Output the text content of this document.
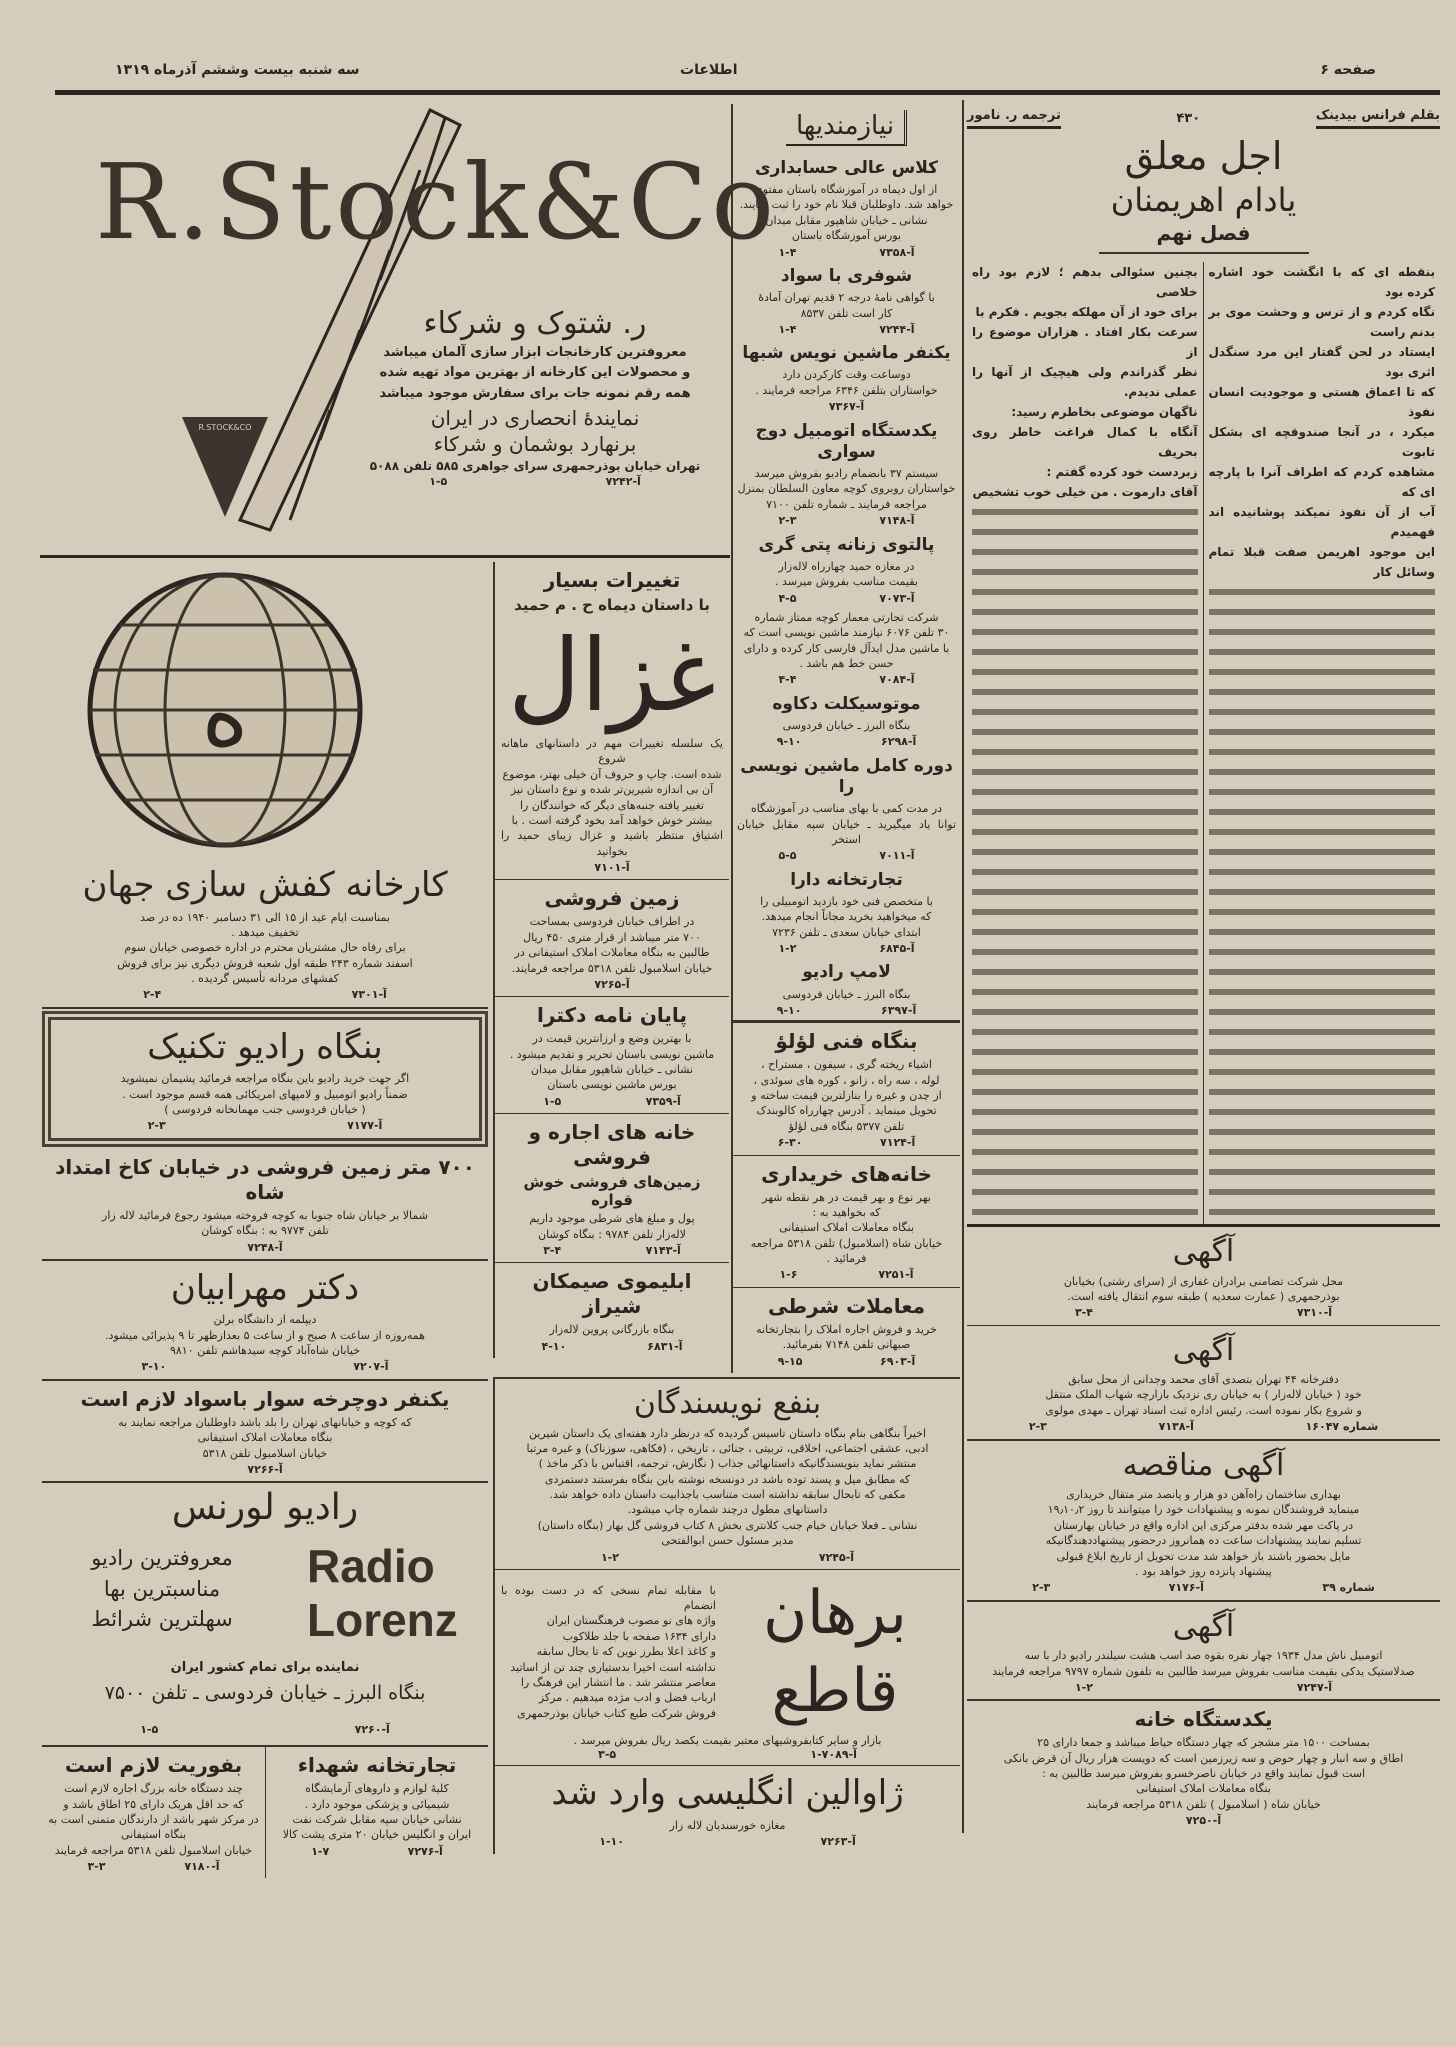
صفحه ۶
اطلاعات
سه شنبه بیست وششم آذرماه ۱۳۱۹
R.Stock&Co
R.STOCK&CO
ر. شتوک و شرکاء
معروفترین کارخانجات ابزار سازی آلمان میباشد
و محصولات این کارخانه از بهترین مواد تهیه شده
همه رقم نمونه جات برای سفارش موجود میباشد
نمایندهٔ انحصاری در ایران
برنهارد بوشمان و شرکاء
تهران خیابان بوذرجمهری سرای جواهری ۵۸۵ تلفن ۵۰۸۸
آ-۷۲۴۲
۱-۵
ه
کارخانه کفش سازی جهان
بمناسبت ایام عید از ۱۵ الی ۳۱ دسامبر ۱۹۴۰ ده در صد
تخفیف میدهد .
برای رفاه حال مشتریان محترم در اداره خصوصی خیابان سوم
اسفند شماره ۲۴۳ طبقه اول شعبه فروش دیگری نیز برای فروش
کفشهای مردانه تأسیس گردیده .
آ-۷۳۰۱
۲-۴
بنگاه رادیو تکنیک
اگر جهت خرید رادیو باین بنگاه مراجعه فرمائید پشیمان نمیشوید
ضمناً رادیو اتومبیل و لامپهای امریکائی همه قسم موجود است .
( خیابان فردوسی جنب مهمانخانه فردوسی )
آ-۷۱۷۷
۲-۳
۷۰۰ متر زمین فروشی در خیابان کاخ امتداد شاه
شمالا بر خیابان شاه جنوبا به کوچه فروخته میشود رجوع فرمائید لاله زار
تلفن ۹۷۷۴ به : بنگاه کوشان
آ-۷۲۴۸
دکتر مهرابیان
دیپلمه از دانشگاه برلن
همه‌روزه از ساعت ۸ صبح و از ساعت ۵ بعدازظهر تا ۹ پذیرائی میشود.
خیابان شاه‌آباد کوچه سیدهاشم تلفن ۹۸۱۰
آ-۷۲۰۷
۳-۱۰
یکنفر دوچرخه سوار باسواد لازم است
که کوچه و خیابانهای تهران را بلد باشد داوطلبان مراجعه نمایند به
بنگاه معاملات املاک استیفانی
خیابان اسلامبول تلفن ۵۳۱۸
آ-۷۲۶۶
رادیو لورنس
Radio
Lorenz
معروفترین رادیو
مناسبترین بها
سهلترین شرائط
نماینده برای تمام کشور ایران
بنگاه البرز ـ خیابان فردوسی ـ تلفن ۷۵۰۰
آ-۷۲۶۰
۱-۵
تجارتخانه شهداء
کلیهٔ لوازم و داروهای آزمایشگاه
شیمیائی و پزشکی موجود دارد .
نشانی خیابان سپه مقابل شرکت نفت
ایران و انگلیس خیابان ۲۰ متری پشت کالا
آ-۷۲۷۶
۱-۷
بفوریت لازم است
چند دستگاه خانه بزرگ اجاره لازم است
که حد اقل هریک دارای ۲۵ اطاق باشد و
در مرکز شهر باشد از دارندگان متمنی است به
بنگاه استیفانی
خیابان اسلامبول تلفن ۵۳۱۸ مراجعه فرمایند
آ-۷۱۸۰
۳-۳
تغییرات بسیار
با داستان دیماه ح . م حمید
غزال
یک سلسله تغییرات مهم در داستانهای ماهانه شروع
شده است. چاپ و حروف آن خیلی بهتر، موضوع
آن بی اندازه شیرین‌تر شده و نوع داستان نیز
تغییر یافته جنبه‌های دیگر که خوانندگان را
بیشتر خوش خواهد آمد بخود گرفته است . با
اشتیاق منتظر باشید و غزال زیبای حمید را بخوانید
آ-۷۱۰۱
زمین فروشی
در اطراف خیابان فردوسی بمساحت
۷۰۰ متر میباشد از قرار متری ۴۵۰ ریال
طالبین به بنگاه معاملات املاک استیفانی در
خیابان اسلامبول تلفن ۵۳۱۸ مراجعه فرمایند.
آ-۷۲۶۵
پایان نامه دکترا
با بهترین وضع و ارزانترین قیمت در
ماشین نویسی باستان تحریر و تقدیم میشود .
نشانی ـ خیابان شاهپور مقابل میدان
بورس ماشین نویسی باستان
آ-۷۳۵۹
۱-۵
خانه های اجاره و فروشی
زمین‌های فروشی خوش قواره
پول و مبلغ های شرطی موجود داریم
لاله‌زار تلفن ۹۷۸۴ : بنگاه کوشان
آ-۷۱۴۳
۳-۴
ابلیموی صیمکان شیراز
بنگاه بازرگانی پروین لاله‌زار
آ-۶۸۳۱
۴-۱۰
نیازمندیها
کلاس عالی حسابداری
از اول دیماه در آموزشگاه باستان مفتوح
خواهد شد. داوطلبان قبلا نام خود را ثبت نمایند.
نشانی ـ خیابان شاهپور مقابل میدان
بورس آموزشگاه باستان
آ-۷۳۵۸
۱-۴
شوفری با سواد
با گواهی نامهٔ درجه ۲ قدیم تهران آمادهٔ
کار است تلفن ۸۵۳۷
آ-۷۲۴۴
۱-۴
یکنفر ماشین نویس شبها
دوساعت وقت کارکردن دارد
خواستاران بتلفن ۶۳۴۶ مراجعه فرمایند .
آ-۷۳۶۷
یکدستگاه اتومبیل دوج سواری
سیستم ۳۷ بانضمام رادیو بفروش میرسد
خواستاران روبروی کوچه معاون السلطان بمنزل
مراجعه فرمایند ـ شماره تلفن ۷۱۰۰
آ-۷۱۴۸
۲-۳
پالتوی زنانه پتی گری
در مغازه حمید چهارراه لاله‌زار
بقیمت مناسب بفروش میرسد .
آ-۷۰۷۳
۴-۵
شرکت تجارتی معمار کوچه ممتاز شماره
۳۰ تلفن ۶۰۷۶ نیازمند ماشین نویسی است که
با ماشین مدل ایدآل فارسی کار کرده و دارای
حسن خط هم باشد .
آ-۷۰۸۴
۴-۴
موتوسیکلت دکاوه
بنگاه البرز ـ خیابان فردوسی
آ-۶۲۹۸
۹-۱۰
دوره کامل ماشین نویسی را
در مدت کمی با بهای مناسب در آموزشگاه
توانا یاد میگیرید ـ خیابان سپه مقابل خیابان استخر
آ-۷۰۱۱
۵-۵
تجارتخانه دارا
با متخصص فنی خود بازدید اتومبیلی را
که میخواهید بخرید مجاناً انجام میدهد.
ابتدای خیابان سعدی ـ تلفن ۷۲۳۶
آ-۶۸۴۵
۱-۲
لامپ رادیو
بنگاه البرز ـ خیابان فردوسی
آ-۶۳۹۷
۹-۱۰
بنگاه فنی لؤلؤ
اشیاء ریخته گری ، سیفون ، مستراح ،
لوله ، سه راه ، زانو ، کوره های سوئدی ،
از چدن و غیره را بنازلترین قیمت ساخته و
تحویل مینماید . آدرس چهارراه کالوبندک
تلفن ۵۳۷۷ بنگاه فنی لؤلؤ
آ-۷۱۲۴
۶-۳۰
خانه‌های خریداری
بهر نوع و بهر قیمت در هر نقطه شهر
که بخواهید به :
بنگاه معاملات املاک استیفانی
خیابان شاه (اسلامبول) تلفن ۵۳۱۸ مراجعه
فرمائید .
آ-۷۲۵۱
۱-۶
معاملات شرطی
خرید و فروش اجاره املاک را بتجارتخانه
صبهانی تلفن ۷۱۴۸ بفرمائید.
آ-۶۹۰۳
۹-۱۵
بنفع نویسندگان
اخیراً بنگاهی بنام بنگاه داستان تاسیس گردیده که درنظر دارد هفته‌ای یک داستان شیرین
ادبی، عشقی اجتماعی، اخلاقی، تربیتی ، جنائی ، تاریخی ، (فکاهی، سوزناک) و غیره مرتبا
منتشر نماید بنویسندگانیکه داستانهائی جذاب ( نگارش، ترجمه، اقتباس با ذکر ماخذ )
که مطابق میل و پسند توده باشد در دونسخه نوشته باین بنگاه بفرستند دستمزدی
مکفی که تابحال سابقه نداشته است متناسب باجذابیت داستان داده خواهد شد.
داستانهای مطول درچند شماره چاپ میشود.
نشانی ـ فعلا خیابان خیام جنب کلانتری بخش ۸ کتاب فروشی گل بهار (بنگاه داستان)
مدیر مسئول حسن ابوالفتحی
آ-۷۲۴۵
۱-۲
با مقابله تمام نسخی که در دست بوده با انضمام
واژه های نو مصوب فرهنگستان ایران
دارای ۱۶۳۴ صفحه با جلد طلاکوب
و کاغذ اعلا بطرز نوین که تا بحال سابقه
نداشته است اخیرا بدستیاری چند تن از اساتید
معاصر منتشر شد . ما انتشار این فرهنگ را
ارباب فضل و ادب مژده میدهیم . مرکز
فروش شرکت طبع کتاب خیابان بوذرجمهری
برهان قاطع
بازار و سایر کتابفروشیهای معتبر بقیمت یکصد ریال بفروش میرسد .
آ-۷۰۸۹-۱
۳-۵
ژاوالین انگلیسی وارد شد
مغازه خورسندیان لاله زار
آ-۷۲۶۳
۱-۱۰
بقلم فرانس بیدینک
۴۳۰
ترجمه ر. نامور
اجل معلق
یادام اهریمنان
فصل نهم
بنقطه ای که با انگشت خود اشاره کرده بود
نگاه کردم و از ترس و وحشت موی بر بدنم راست
ایستاد در لحن گفتار این مرد سنگدل اثری بود
که تا اعماق هستی و موجودیت انسان نفوذ
میکرد ، در آنجا صندوقچه ای بشکل تابوت
مشاهده کردم که اطراف آنرا با پارچه ای که
آب از آن نفوذ نمیکند پوشانیده اند فهمیدم
این موجود اهریمن صفت قبلا تمام وسائل کار
بچنین سئوالی بدهم ؛ لازم بود راه خلاصی
برای خود از آن مهلکه بجویم . فکرم با
سرعت بکار افتاد . هزاران موضوع را از
نظر گذراندم ولی هیچیک از آنها را عملی ندیدم.
ناگهان موضوعی بخاطرم رسید:
آنگاه با کمال فراغت خاطر روی بحریف
زبردست خود کرده گفتم :
آقای دارموت . من خیلی خوب تشخیص
آگهی
محل شرکت تضامنی برادران غفاری از (سرای رشتی) بخیابان
بوذرجمهری ( عمارت سعدیه ) طبقه سوم انتقال یافته است.
آ-۷۳۱۰
۳-۴
آگهی
دفترخانه ۴۴ تهران بتصدی آقای محمد وجدانی از محل سابق
خود ( خیابان لاله‌زار ) به خیابان ری نزدیک بازارچه شهاب الملک منتقل
و شروع بکار نموده است. رئیس اداره ثبت اسناد تهران ـ مهدی مولوی
شماره ۱۶۰۴۷
آ-۷۱۳۸
۲-۳
آگهی مناقصه
بهداری ساختمان راه‌آهن دو هزار و پانصد متر متقال خریداری
مینماید فروشندگان نمونه و پیشنهادات خود را میتوانند تا روز ۱۹٫۱۰٫۲
در پاکت مهر شده بدفتر مرکزی این اداره واقع در خیابان بهارستان
تسلیم نمایند پیشنهادات ساعت ده همانروز درحضور پیشنهاددهندگانیکه
مایل بحضور باشند باز خواهد شد مدت تحویل از تاریخ ابلاغ قبولی
پیشنهاد پانزده روز خواهد بود .
شماره ۳۹
آ-۷۱۷۶
۲-۳
آگهی
اتومبیل ناش مدل ۱۹۳۴ چهار نفره بقوه صد اسب هشت سیلندر رادیو دار با سه
صدلاستیک یدکی بقیمت مناسب بفروش میرسد طالبین به تلفون شماره ۹۷۹۷ مراجعه فرمایند
آ-۷۲۴۷
۱-۲
یکدستگاه خانه
بمساحت ۱۵۰۰ متر مشجر که چهار دستگاه حیاط میباشد و جمعا دارای ۲۵
اطاق و سه انبار و چهار حوض و سه زیرزمین است که دویست هزار ریال آن قرض بانکی
است قبول نمایند واقع در خیابان ناصرخسرو بفروش میرسد طالبین به :
بنگاه معاملات املاک استیفانی
خیابان شاه ( اسلامبول ) تلفن ۵۳۱۸ مراجعه فرمایند
آ-۷۲۵۰
